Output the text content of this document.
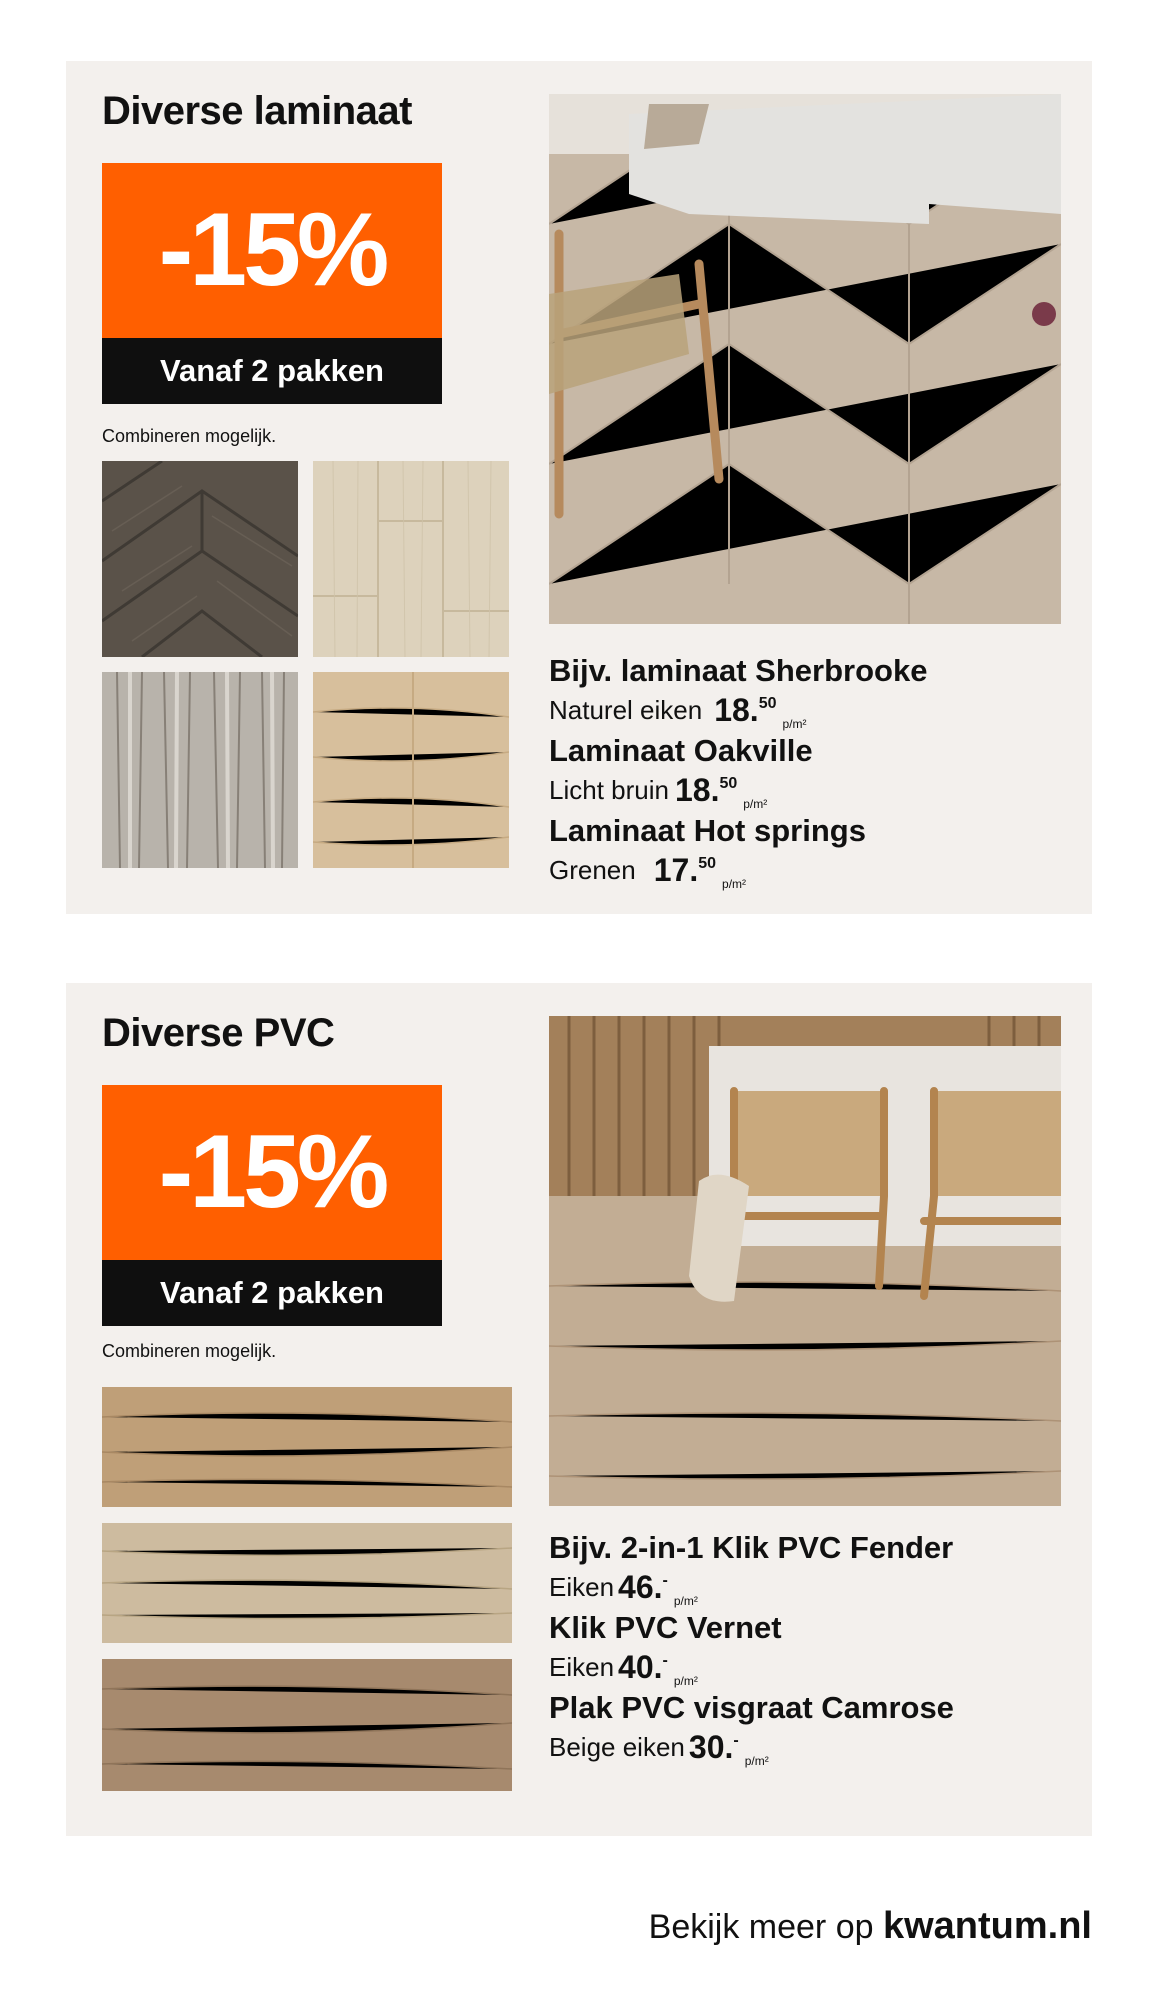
Diverse laminaat
-15%
Vanaf 2 pakken
Combineren mogelijk.

Bijv. laminaat Sherbrooke

Naturel eiken 18.50
p/m²

Laminaat Oakville

Licht bruin 18.50
p/m²

Laminaat Hot springs

Grenen 17.50
p/m²

Diverse PVC
-15%
Vanaf 2 pakken
Combineren mogelijk.

Bijv. 2-in-1 Klik PVC Fender

Eiken 46.-
p/m²

Klik PVC Vernet

Eiken 40.-
p/m²

Plak PVC visgraat Camrose

Beige eiken 30.-
p/m²

Bekijk meer op kwantum.nl
